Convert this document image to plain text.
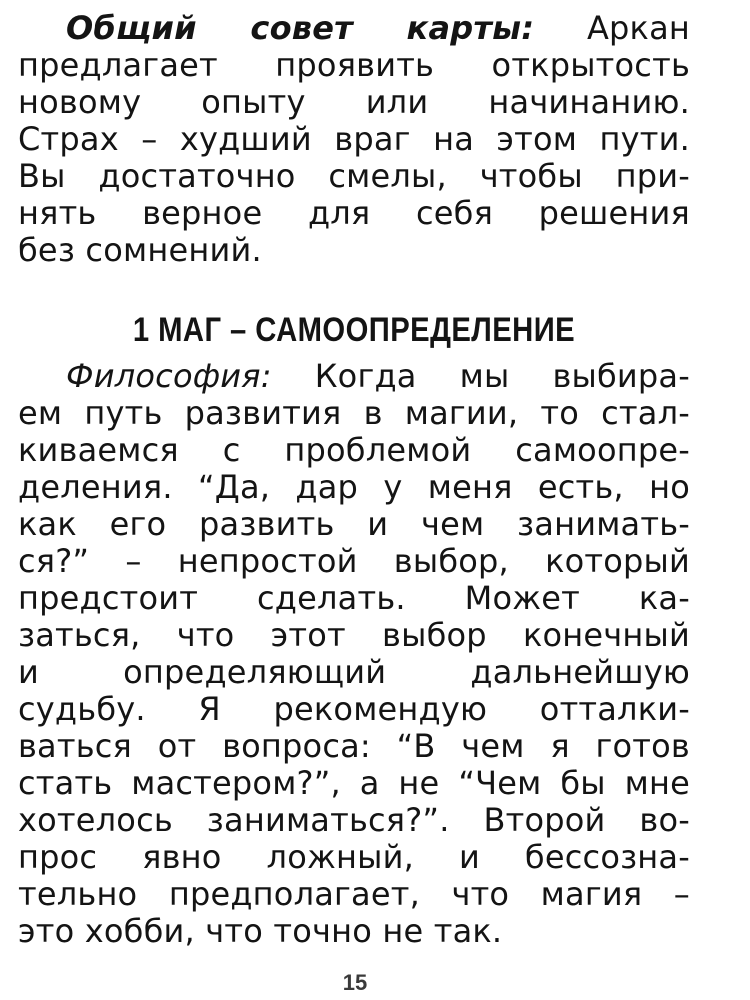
Общий совет карты: Аркан
предлагает проявить открытость
новому опыту или начинанию.
Страх – худший враг на этом пути.
Вы достаточно смелы, чтобы при-
нять верное для себя решения
без сомнений.
1 МАГ – САМООПРЕДЕЛЕНИЕ
Философия: Когда мы выбира-
ем путь развития в магии, то стал-
киваемся с проблемой самоопре-
деления. “Да, дар у меня есть, но
как его развить и чем занимать-
ся?” – непростой выбор, который
предстоит сделать. Может ка-
заться, что этот выбор конечный
и определяющий дальнейшую
судьбу. Я рекомендую отталки-
ваться от вопроса: “В чем я готов
стать мастером?”, а не “Чем бы мне
хотелось заниматься?”. Второй во-
прос явно ложный, и бессозна-
тельно предполагает, что магия –
это хобби, что точно не так.
15
